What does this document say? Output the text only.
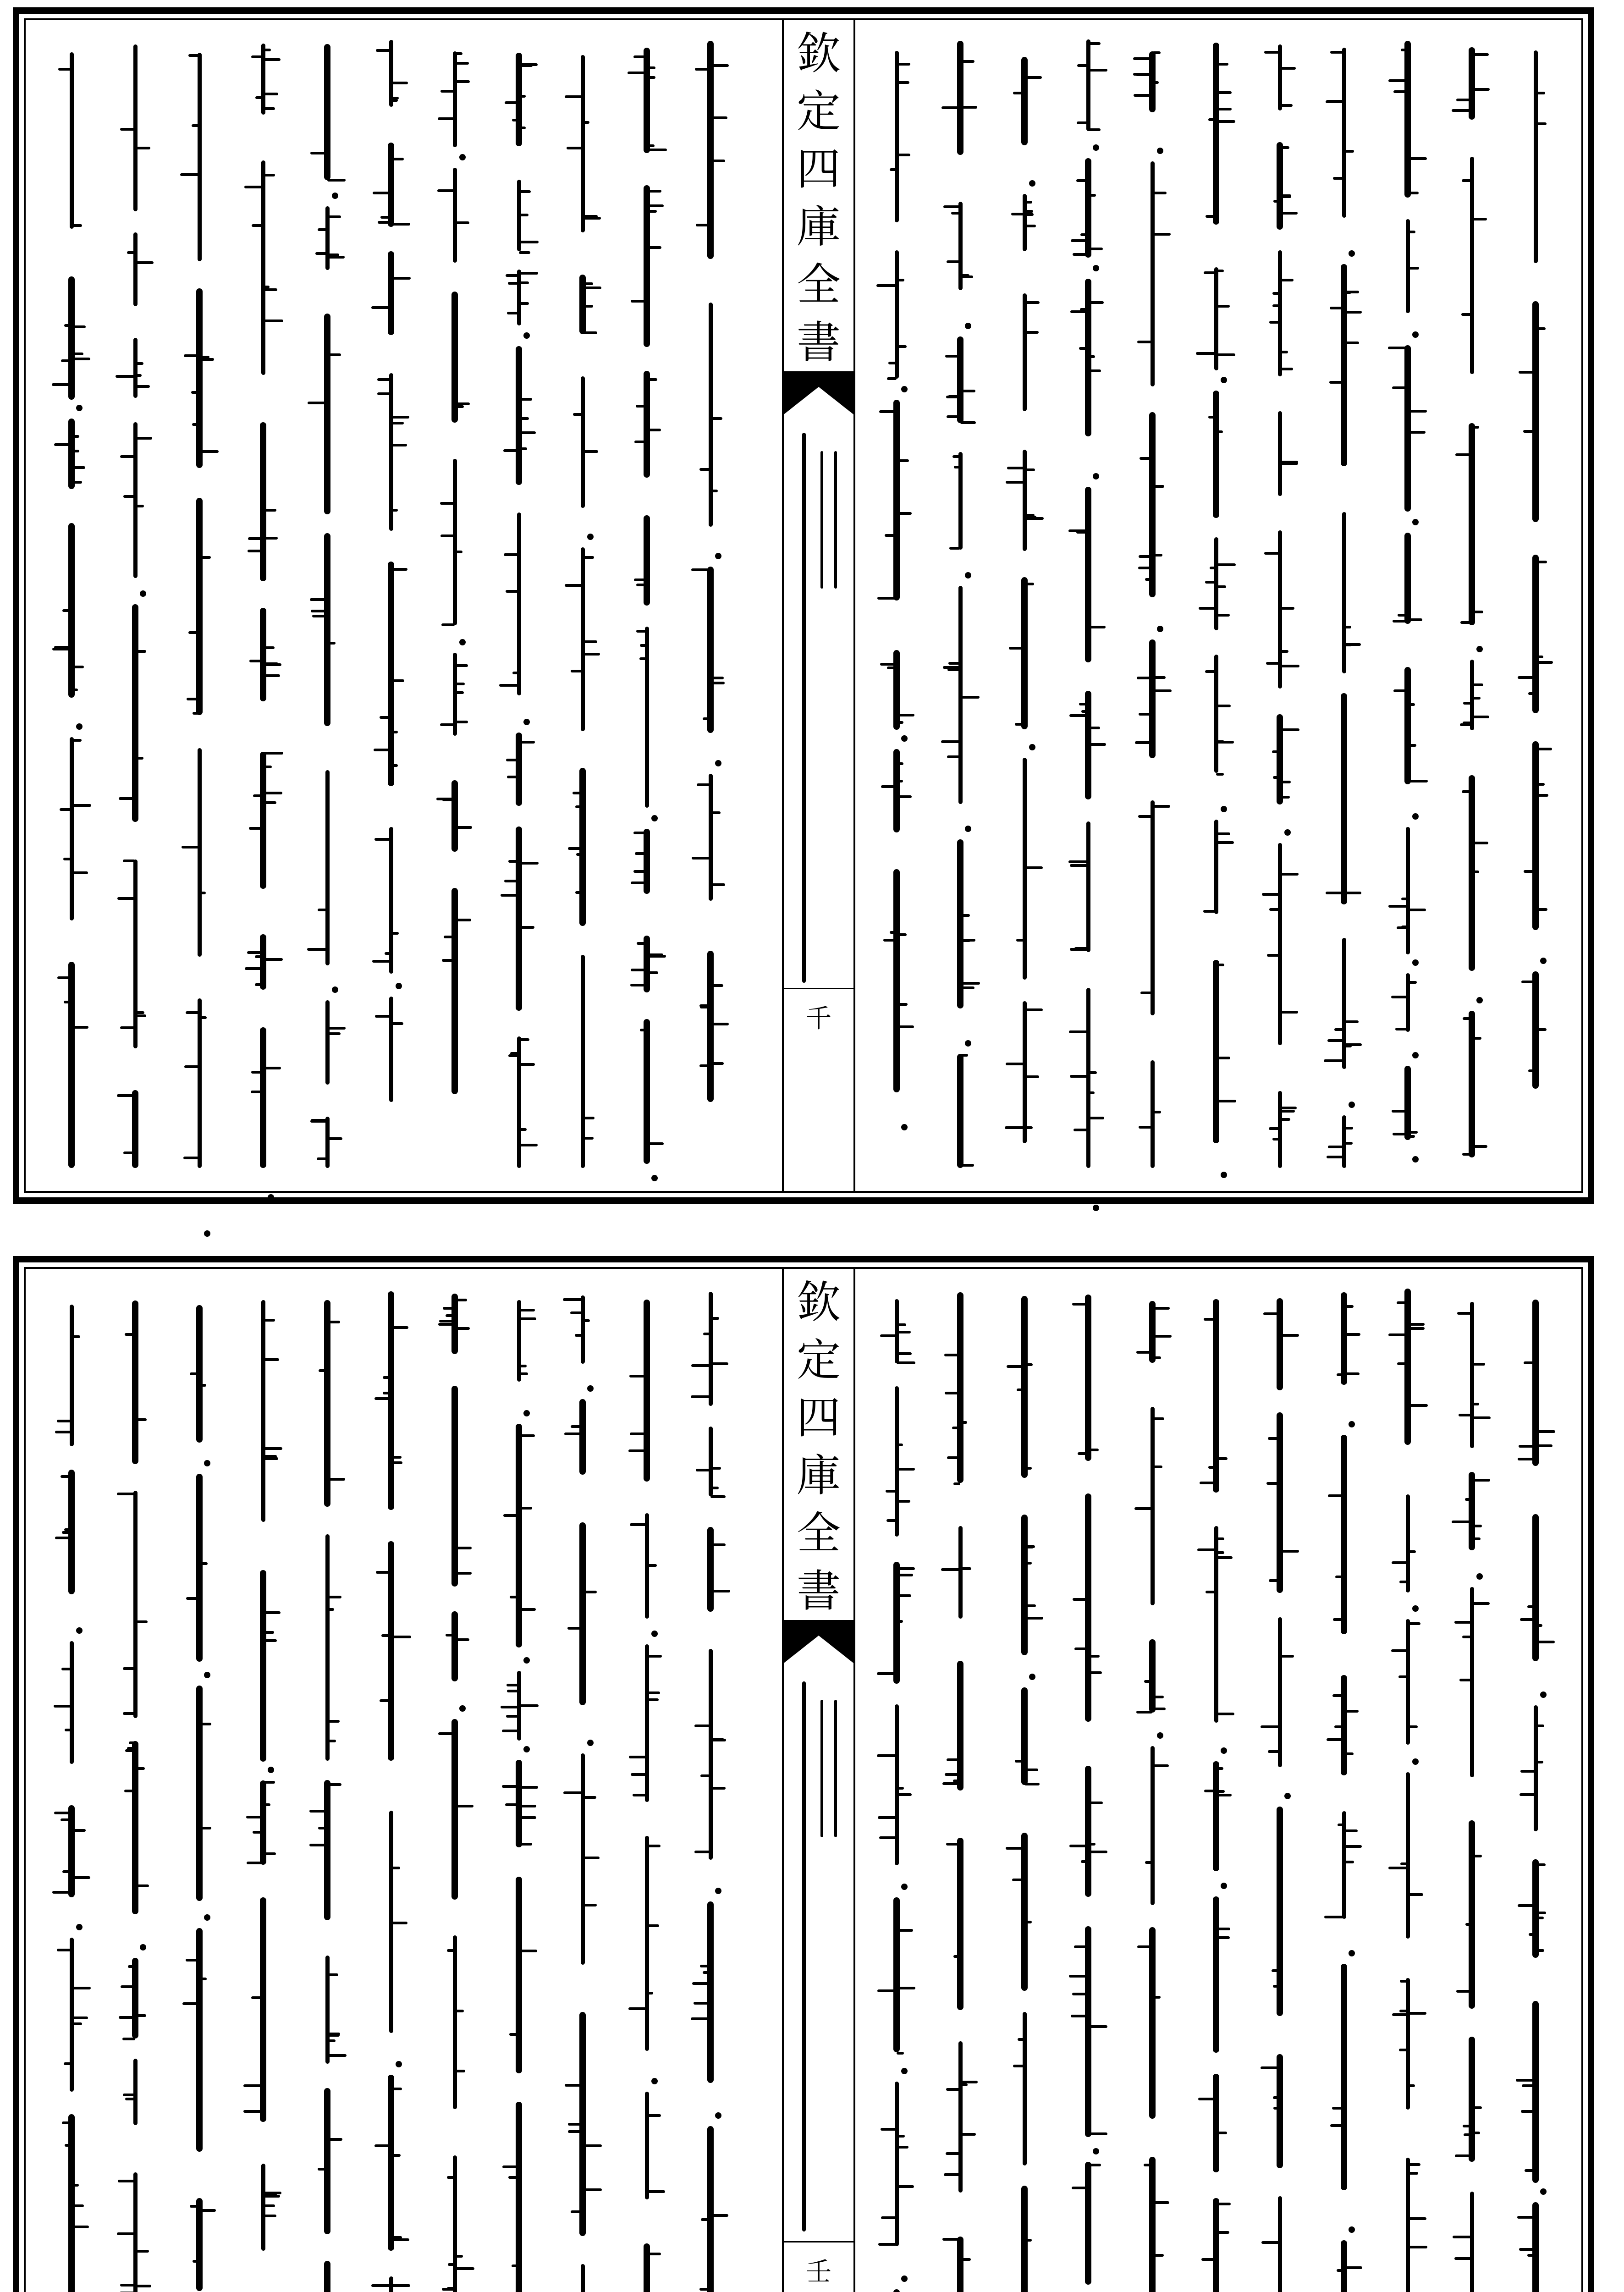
欽
定
四
庫
全
書
千
欽
定
四
庫
全
書
壬
